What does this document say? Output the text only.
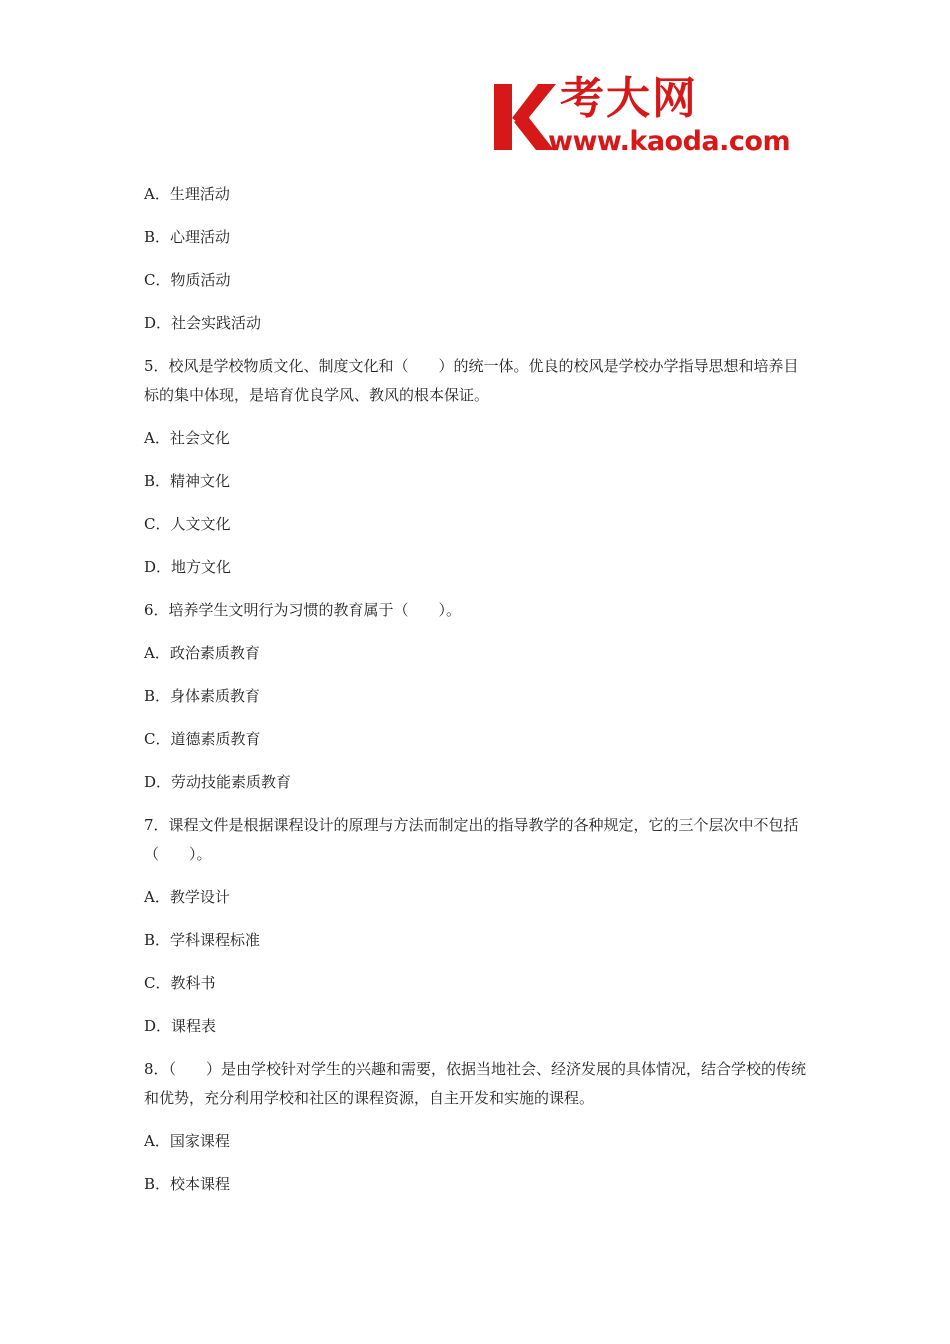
K
考大网
www.kaoda.com

A．生理活动

B．心理活动

C．物质活动

D．社会实践活动

5．校风是学校物质文化、制度文化和（　　）的统一体。优良的校风是学校办学指导思想和培养目标的集中体现，是培育优良学风、教风的根本保证。

A．社会文化

B．精神文化

C．人文文化

D．地方文化

6．培养学生文明行为习惯的教育属于（　　）。

A．政治素质教育

B．身体素质教育

C．道德素质教育

D．劳动技能素质教育

7．课程文件是根据课程设计的原理与方法而制定出的指导教学的各种规定，它的三个层次中不包括（　　）。

A．教学设计

B．学科课程标准

C．教科书

D．课程表

8．（　　）是由学校针对学生的兴趣和需要，依据当地社会、经济发展的具体情况，结合学校的传统和优势，充分利用学校和社区的课程资源，自主开发和实施的课程。

A．国家课程

B．校本课程
